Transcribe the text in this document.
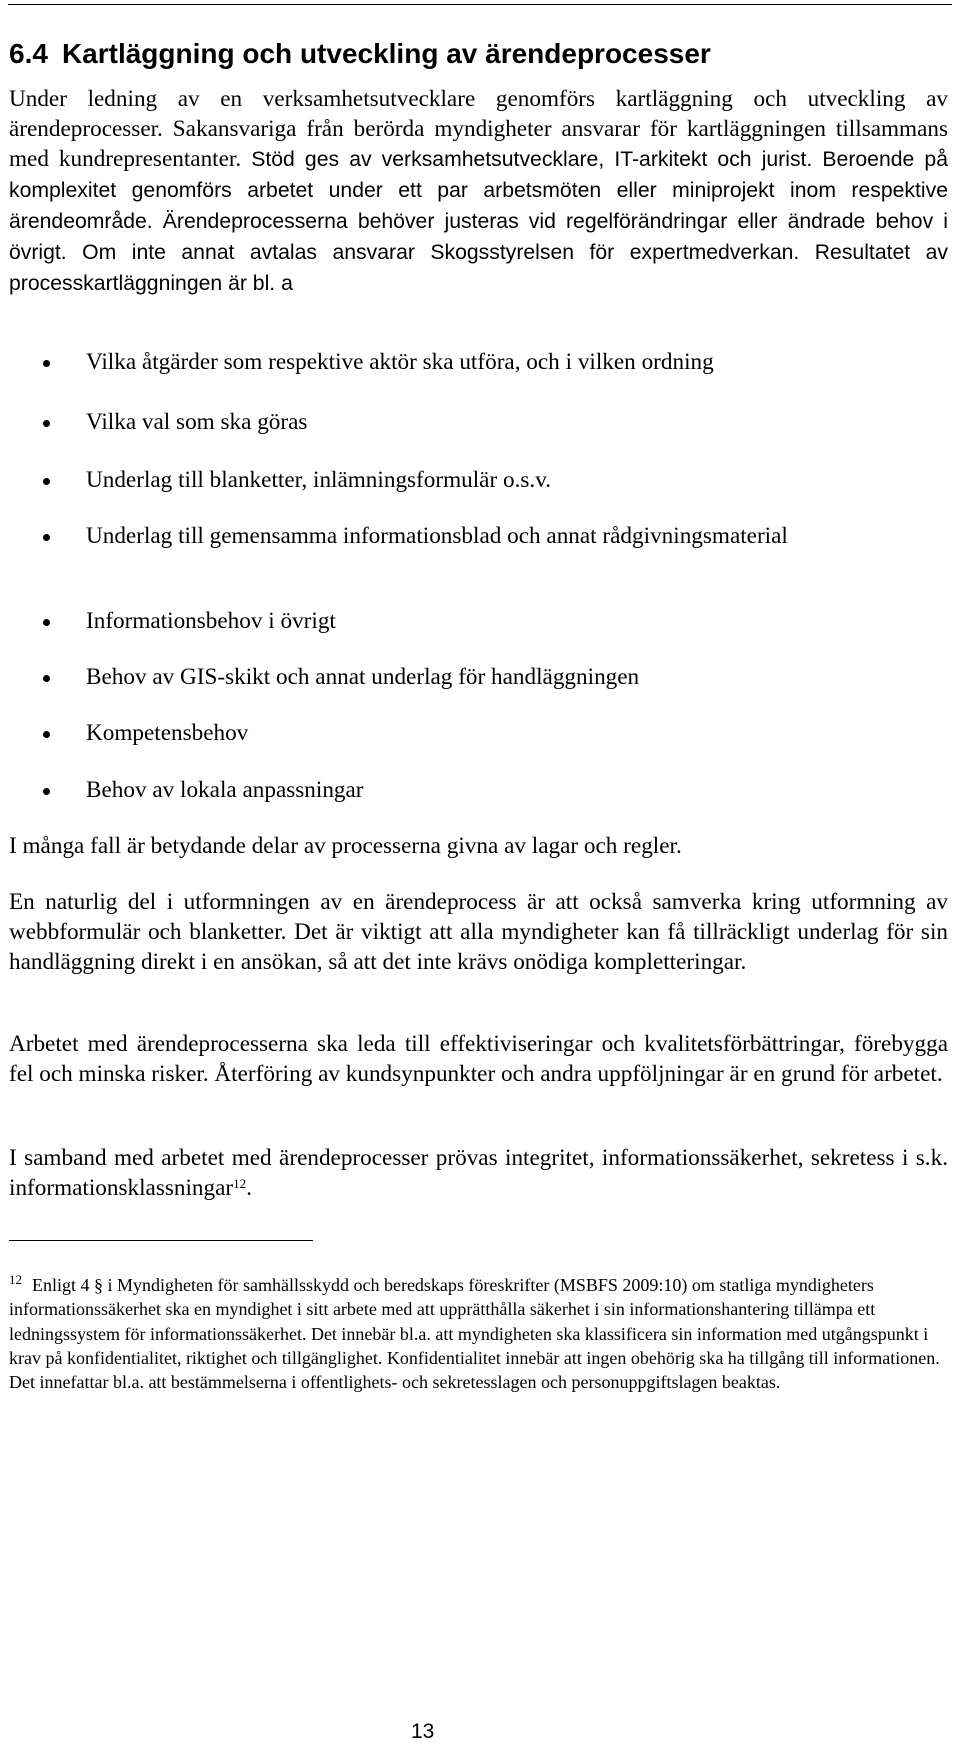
6.4 Kartläggning och utveckling av ärendeprocesser

Under ledning av en verksamhetsutvecklare genomförs kartläggning och utveckling av ärendeprocesser. Sakansvariga från berörda myndigheter ansvarar för kartläggningen tillsammans med kundrepresentanter. Stöd ges av verksamhetsutvecklare, IT-arkitekt och jurist. Beroende på komplexitet genomförs arbetet under ett par arbetsmöten eller miniprojekt inom respektive ärendeområde. Ärendeprocesserna behöver justeras vid regelförändringar eller ändrade behov i övrigt. Om inte annat avtalas ansvarar Skogsstyrelsen för expertmedverkan. Resultatet av processkartläggningen är bl. a

Vilka åtgärder som respektive aktör ska utföra, och i vilken ordning
Vilka val som ska göras
Underlag till blanketter, inlämningsformulär o.s.v.
Underlag till gemensamma informationsblad och annat rådgivningsmaterial
Informationsbehov i övrigt
Behov av GIS-skikt och annat underlag för handläggningen
Kompetensbehov
Behov av lokala anpassningar

I många fall är betydande delar av processerna givna av lagar och regler.

En naturlig del i utformningen av en ärendeprocess är att också samverka kring utformning av webbformulär och blanketter. Det är viktigt att alla myndigheter kan få tillräckligt underlag för sin handläggning direkt i en ansökan, så att det inte krävs onödiga kompletteringar.

Arbetet med ärendeprocesserna ska leda till effektiviseringar och kvalitetsförbättringar, förebygga fel och minska risker. Återföring av kundsynpunkter och andra uppföljningar är en grund för arbetet.

I samband med arbetet med ärendeprocesser prövas integritet, informationssäkerhet, sekretess i s.k. informationsklassningar$^{12}$.

$^{12}$ Enligt 4 § i Myndigheten för samhällsskydd och beredskaps föreskrifter (MSBFS 2009:10) om statliga myndigheters informationssäkerhet ska en myndighet i sitt arbete med att upprätthålla säkerhet i sin informationshantering tillämpa ett ledningssystem för informationssäkerhet. Det innebär bl.a. att myndigheten ska klassificera sin information med utgångspunkt i krav på konfidentialitet, riktighet och tillgänglighet. Konfidentialitet innebär att ingen obehörig ska ha tillgång till informationen. Det innefattar bl.a. att bestämmelserna i offentlighets- och sekretesslagen och personuppgiftslagen beaktas.

13
